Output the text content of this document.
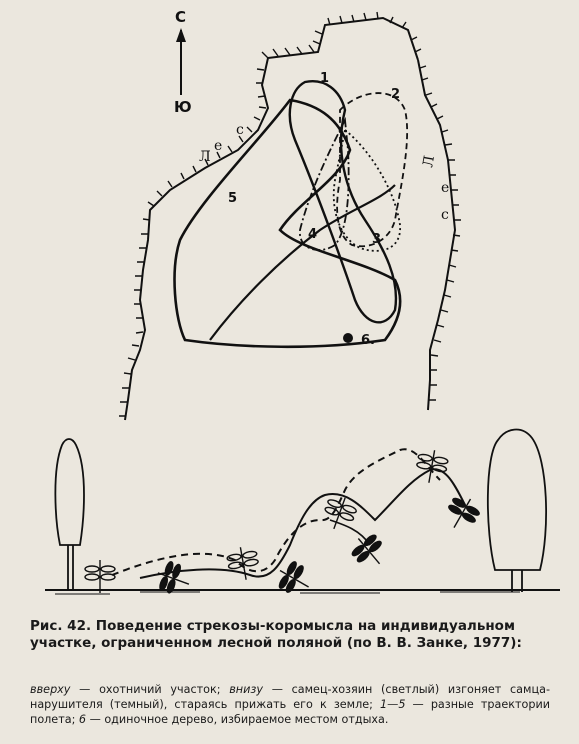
С
Ю
Л
е
с
Л
е
с
1
2
3
4
5
6.
Рис. 42. Поведение стрекозы-коромысла на индивидуальном участке, ограниченном лесной поляной (по В. В. Занке, 1977):
вверху — охотничий участок; внизу — самец-хозяин (светлый) изгоняет самца-нарушителя (темный), стараясь прижать его к земле; 1—5 — разные траектории полета; 6 — одиночное дерево, избираемое местом отдыха.
